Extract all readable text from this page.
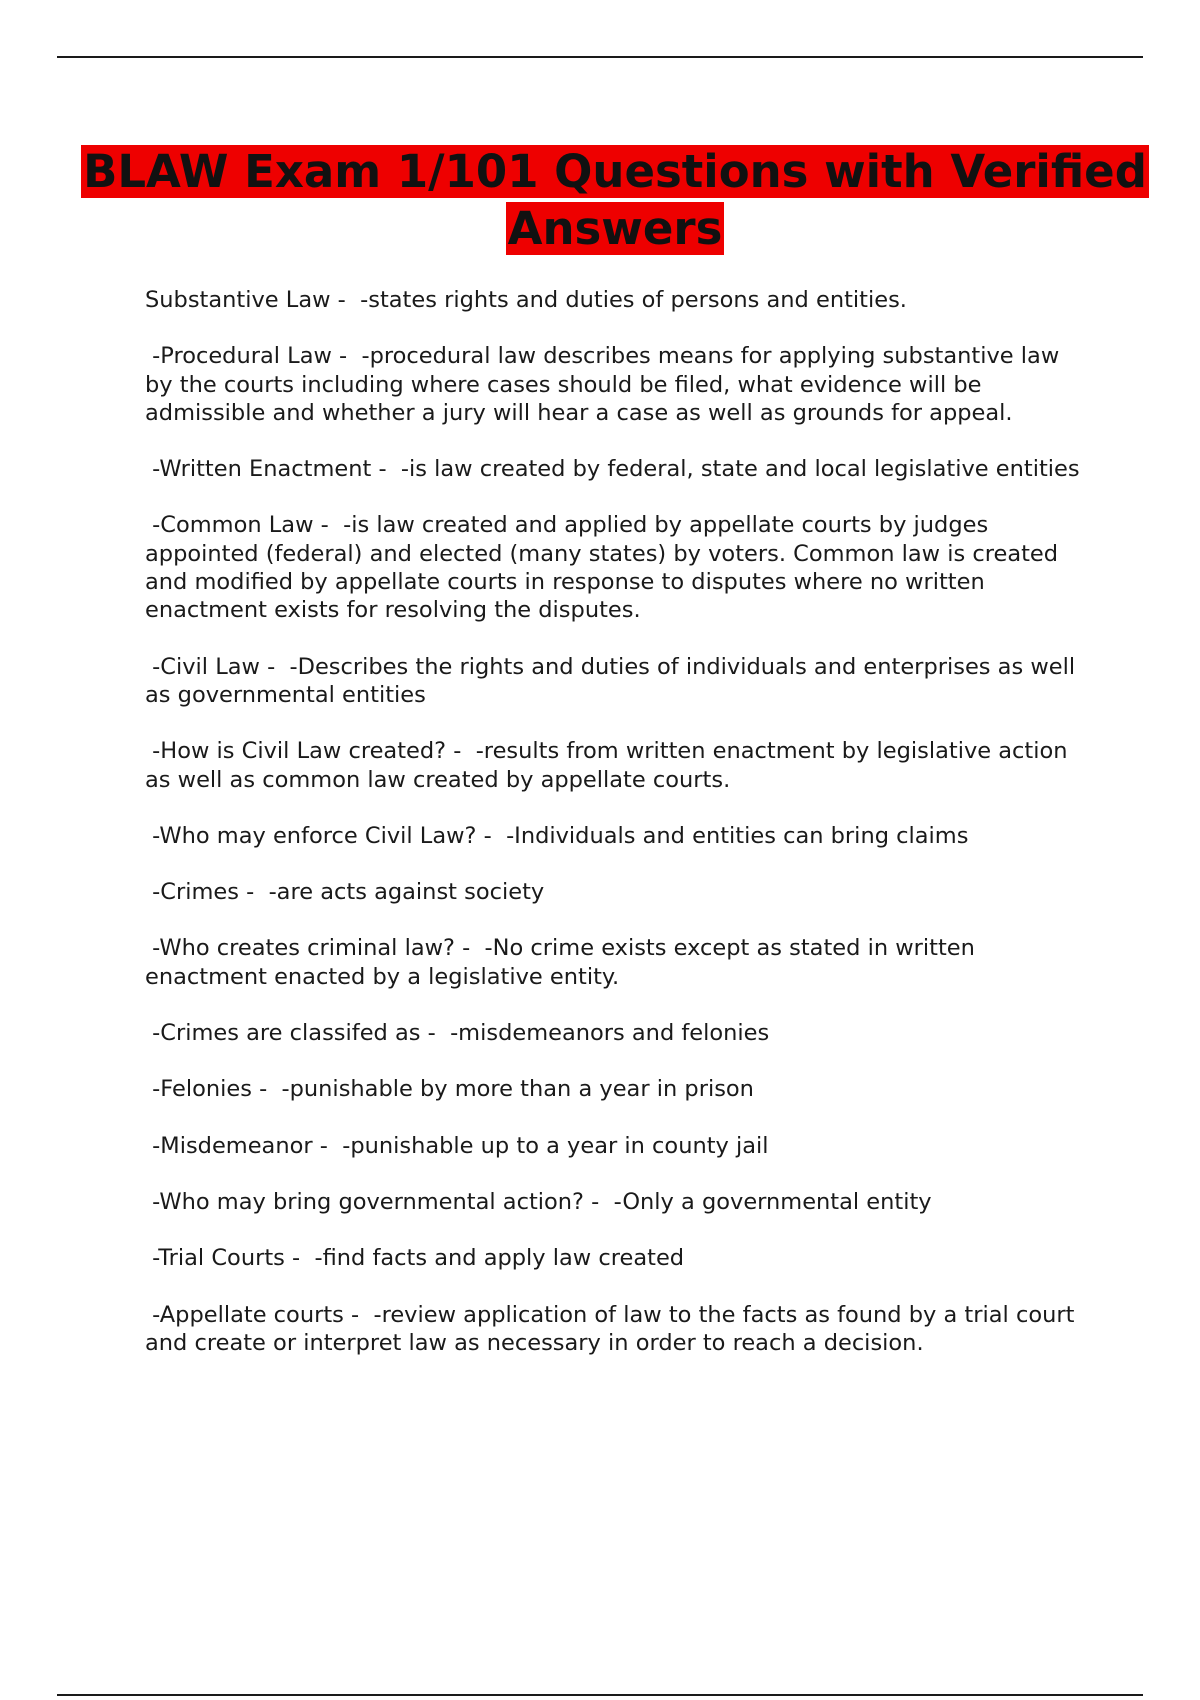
BLAW Exam 1/101 Questions with Verified Answers
Substantive Law -  -states rights and duties of persons and entities.
-Procedural Law -  -procedural law describes means for applying substantive law by the courts including where cases should be filed, what evidence will be admissible and whether a jury will hear a case as well as grounds for appeal.
-Written Enactment -  -is law created by federal, state and local legislative entities
-Common Law -  -is law created and applied by appellate courts by judges appointed (federal) and elected (many states) by voters. Common law is created and modified by appellate courts in response to disputes where no written enactment exists for resolving the disputes.
-Civil Law -  -Describes the rights and duties of individuals and enterprises as well as governmental entities
-How is Civil Law created? -  -results from written enactment by legislative action as well as common law created by appellate courts.
-Who may enforce Civil Law? -  -Individuals and entities can bring claims
-Crimes -  -are acts against society
-Who creates criminal law? -  -No crime exists except as stated in written enactment enacted by a legislative entity.
-Crimes are classifed as -  -misdemeanors and felonies
-Felonies -  -punishable by more than a year in prison
-Misdemeanor -  -punishable up to a year in county jail
-Who may bring governmental action? -  -Only a governmental entity
-Trial Courts -  -find facts and apply law created
-Appellate courts -  -review application of law to the facts as found by a trial court and create or interpret law as necessary in order to reach a decision.
